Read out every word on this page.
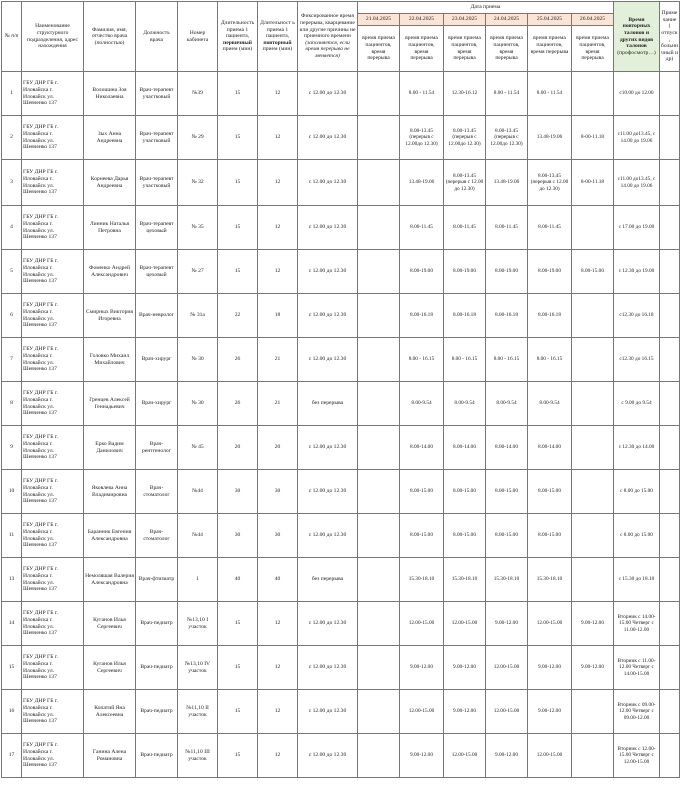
№ п/п	Наименование структурного подразделения, адрес нахождения	Фамилия, имя, отчество врача (полностью)	Должность врача	Номер кабинета	Длительность приема 1 пациента,
первичный
прием (мин)	Длительност ь приема 1 пациента,
повторный
прием (мин)	Фиксированное время перерыва, кварцевание или другие причины не приемного времени
(заполняется, если время перерыва не меняется)	Дата приема						Время повторных талонов и других видов талонов
(профосмотр…)	Примечание ( отпуск, больничный и др)
								21.04.2025	22.04.2025	23.04.2025	24.04.2025	25.04.2025	26.04.2025		
								время приема пациентов,
время
перерыва	время приема пациентов,
время
перерыва	время приема пациентов,
время
перерыва	время приема пациентов,
время
перерыва	время приема пациентов,
время перерыва	время приема пациентов,
время
перерыва		

1	ГБУ ДНР ГБ г.
Иловайска г.
Иловайск ул.
Шевченко 137	Волошина Зоя Николаевна	Врач-терапевт участковый	№39	15	12	с 12.00 до 12.30		8.00 - 11.54	12.30-16.12	8.00 - 11.54	8.00 - 11.54		с10.00 до 12.00	
2	ГБУ ДНР ГБ г.
Иловайска г.
Иловайск ул.
Шевченко 137	Зых Анна Андреевна	Врач-терапевт участковый	№ 29	15	12	с 12.00 до 12.30		8.00-13.45 (перерыв с 12.00до 12.30)	8.00-13.45 (перерыв с 12.00до 12.30)	8.00-13.45 (перерыв с 12.00до 12.30)	13.48-19.06	8-00-11.18	с11.00 до13.45, с 14.00 до 19.06	
3	ГБУ ДНР ГБ г.
Иловайска г.
Иловайск ул.
Шевченко 137	Корнеева Дарья Андреевна	Врач-терапевт участковый	№ 32	15	12	с 12.00 до 12.30		13.48-19.06	8.00-13.45 (перерыв с 12.00 до 12.30)	13.48-19.06	8.00-13.45 (перерыв с 12.00 до 12.30)	8-00-11.18	с11.00 до13.45, с 14.00 до 19.06	
4	ГБУ ДНР ГБ г.
Иловайска г.
Иловайск ул.
Шевченко 137	Линник Наталья Петровна	Врач-терапевт цеховый	№ 35	15	12	с 12.00 до 12.30		8.00-11.45	8.00-11.45	8.00-11.45	8.00-11.45		с 17.00 до 19.00	
5	ГБУ ДНР ГБ г.
Иловайска г.
Иловайск ул.
Шевченко 137	Фоменко Андрей Александрович	Врач-терапевт цеховый	№ 27	15	12	с 12.00 до 12.30		8.00-19.00	8.00-19.00	8.00-19.00	8.00-19.00	8.00-15.00	с 12.30 до 19.00	
6	ГБУ ДНР ГБ г.
Иловайска г.
Иловайск ул.
Шевченко 137	Смирных Виктория Игоревна	Врач-невролог	№ 31а	22	18	с 12.00 до 12.30		8.00-16.18	8.00-16.18	8.00-16.18	8.00-16.18		с12.30 до 16.18	
7	ГБУ ДНР ГБ г.
Иловайска г.
Иловайск ул.
Шевченко 137	Головко Михаил Михайлович	Врач-хирург	№ 30	26	21	с 12.00 до 12.30		8.00 - 16.15	8.00 - 16.15	8.00 - 16.15	8.00 - 16.15		с12.30 до 16.15	
8	ГБУ ДНР ГБ г.
Иловайска г.
Иловайск ул.
Шевченко 137	Гренцев Алексей Геннадьевич	Врач-хирург	№ 30	26	21	без перерыва		8.00-9.54	8.00-9.54	8.00-9.54	8.00-9.54		с 9.00 до 9.54	
9	ГБУ ДНР ГБ г.
Иловайска г.
Иловайск ул.
Шевченко 137	Ерко Вадим Данилович	Врач-рентгенолог	№ 45	20	20	с 12.00 до 12.30		8.00-14.00	8.00-14.00	8.00-14.00	8.00-14.00		с 12.30 до 14.00	
10	ГБУ ДНР ГБ г.
Иловайска г.
Иловайск ул.
Шевченко 137	Яковлева Анна Владимировна	Врач-стоматолог	№44	30	30	с 12.00 до 12.30		8.00-15.00	8.00-15.00	8.00-15.00	8.00-15.00		с 8.00 до 15.00	
11	ГБУ ДНР ГБ г.
Иловайска г.
Иловайск ул.
Шевченко 137	Баранник Евгения Александровна	Врач-стоматолог	№44	30	30	с 12.00 до 12.30		8.00-15.00	8.00-15.00	8.00-15.00	8.00-15.00		с 8.00 до 15.00	
13	ГБУ ДНР ГБ г.
Иловайска г.
Иловайск ул.
Шевченко 137	Немоляшая Валерия Александровна	Врач-фтизиатр	1	40	40	без перерыва		15.30-18.10	15.30-18.10	15.30-18.10	15.30-18.10		с 15.30 до 18.10	
14	ГБУ ДНР ГБ г.
Иловайска г.
Иловайск ул.
Шевченко 137	Куганов Илья Сергеевич	Врач-педиатр	№13,10 I участок	15	12	с 12.00 до 12.30		12.00-15.00	12.00-15.00	9.00-12.00	12.00-15.00	9.00-12.00	Вторник с 14.00-15.00 Четверг с 11.00-12.00	
15	ГБУ ДНР ГБ г.
Иловайска г.
Иловайск ул.
Шевченко 137	Куганов Илья Сергеевич	Врач-педиатр	№13,10 IV участок	15	12	с 12.00 до 12.30		9.00-12.00	9.00-12.00	12.00-15.00	9.00-12.00	9.00-12.00	Вторник с 11.00-12.00 Четверг с 14.00-15.00	
16	ГБУ ДНР ГБ г.
Иловайска г.
Иловайск ул.
Шевченко 137	Копатий Яна Алексеевна	Врач-педиатр	№11,10 II участок	15	12	с 12.00 до 12.30		12.00-15.00	9.00-12.00	12.00-15.00	9.00-12.00		Вторник с 09.00-12.00 Четверг с 09.00-12.00	
17	ГБУ ДНР ГБ г.
Иловайска г.
Иловайск ул.
Шевченко 137	Ганина Алена Романовна	Врач-педиатр	№11,10 III участок	15	12	с 12.00 до 12.30		9.00-12.00	12.00-15.00	9.00-12.00	12.00-15.00		Вторник с 12.00-15.00 Четверг с 12.00-15.00	
